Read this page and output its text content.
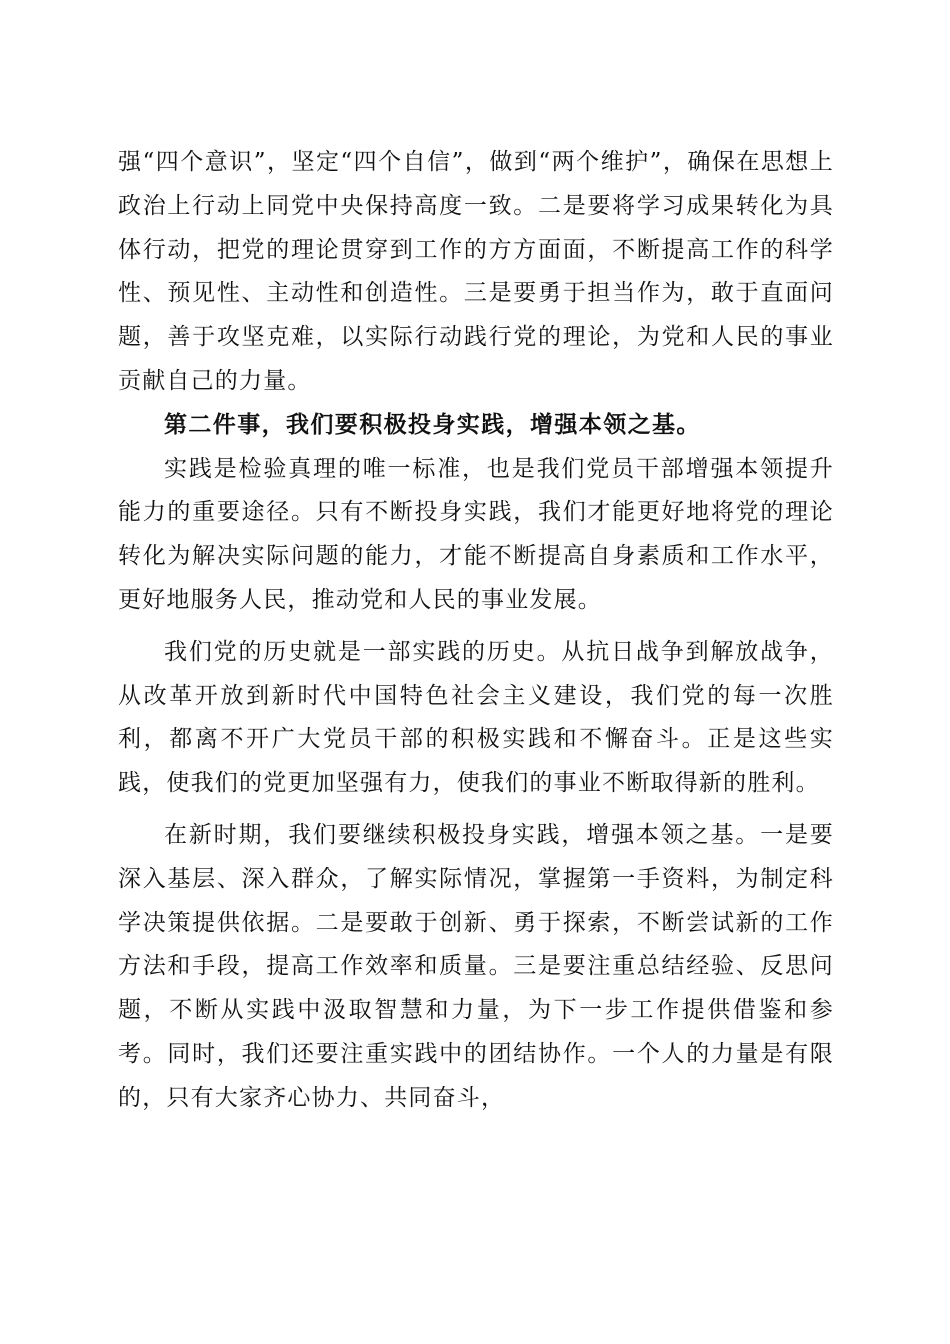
强“四个意识”，坚定“四个自信”，做到“两个维护”，确保在思想上政治上行动上同党中央保持高度一致。二是要将学习成果转化为具体行动，把党的理论贯穿到工作的方方面面，不断提高工作的科学性、预见性、主动性和创造性。三是要勇于担当作为，敢于直面问题，善于攻坚克难，以实际行动践行党的理论，为党和人民的事业贡献自己的力量。

第二件事，我们要积极投身实践，增强本领之基。

实践是检验真理的唯一标准，也是我们党员干部增强本领提升能力的重要途径。只有不断投身实践，我们才能更好地将党的理论转化为解决实际问题的能力，才能不断提高自身素质和工作水平，更好地服务人民，推动党和人民的事业发展。

我们党的历史就是一部实践的历史。从抗日战争到解放战争，从改革开放到新时代中国特色社会主义建设，我们党的每一次胜利，都离不开广大党员干部的积极实践和不懈奋斗。正是这些实践，使我们的党更加坚强有力，使我们的事业不断取得新的胜利。

在新时期，我们要继续积极投身实践，增强本领之基。一是要深入基层、深入群众，了解实际情况，掌握第一手资料，为制定科学决策提供依据。二是要敢于创新、勇于探索，不断尝试新的工作方法和手段，提高工作效率和质量。三是要注重总结经验、反思问题，不断从实践中汲取智慧和力量，为下一步工作提供借鉴和参考。同时，我们还要注重实践中的团结协作。一个人的力量是有限的，只有大家齐心协力、共同奋斗，
